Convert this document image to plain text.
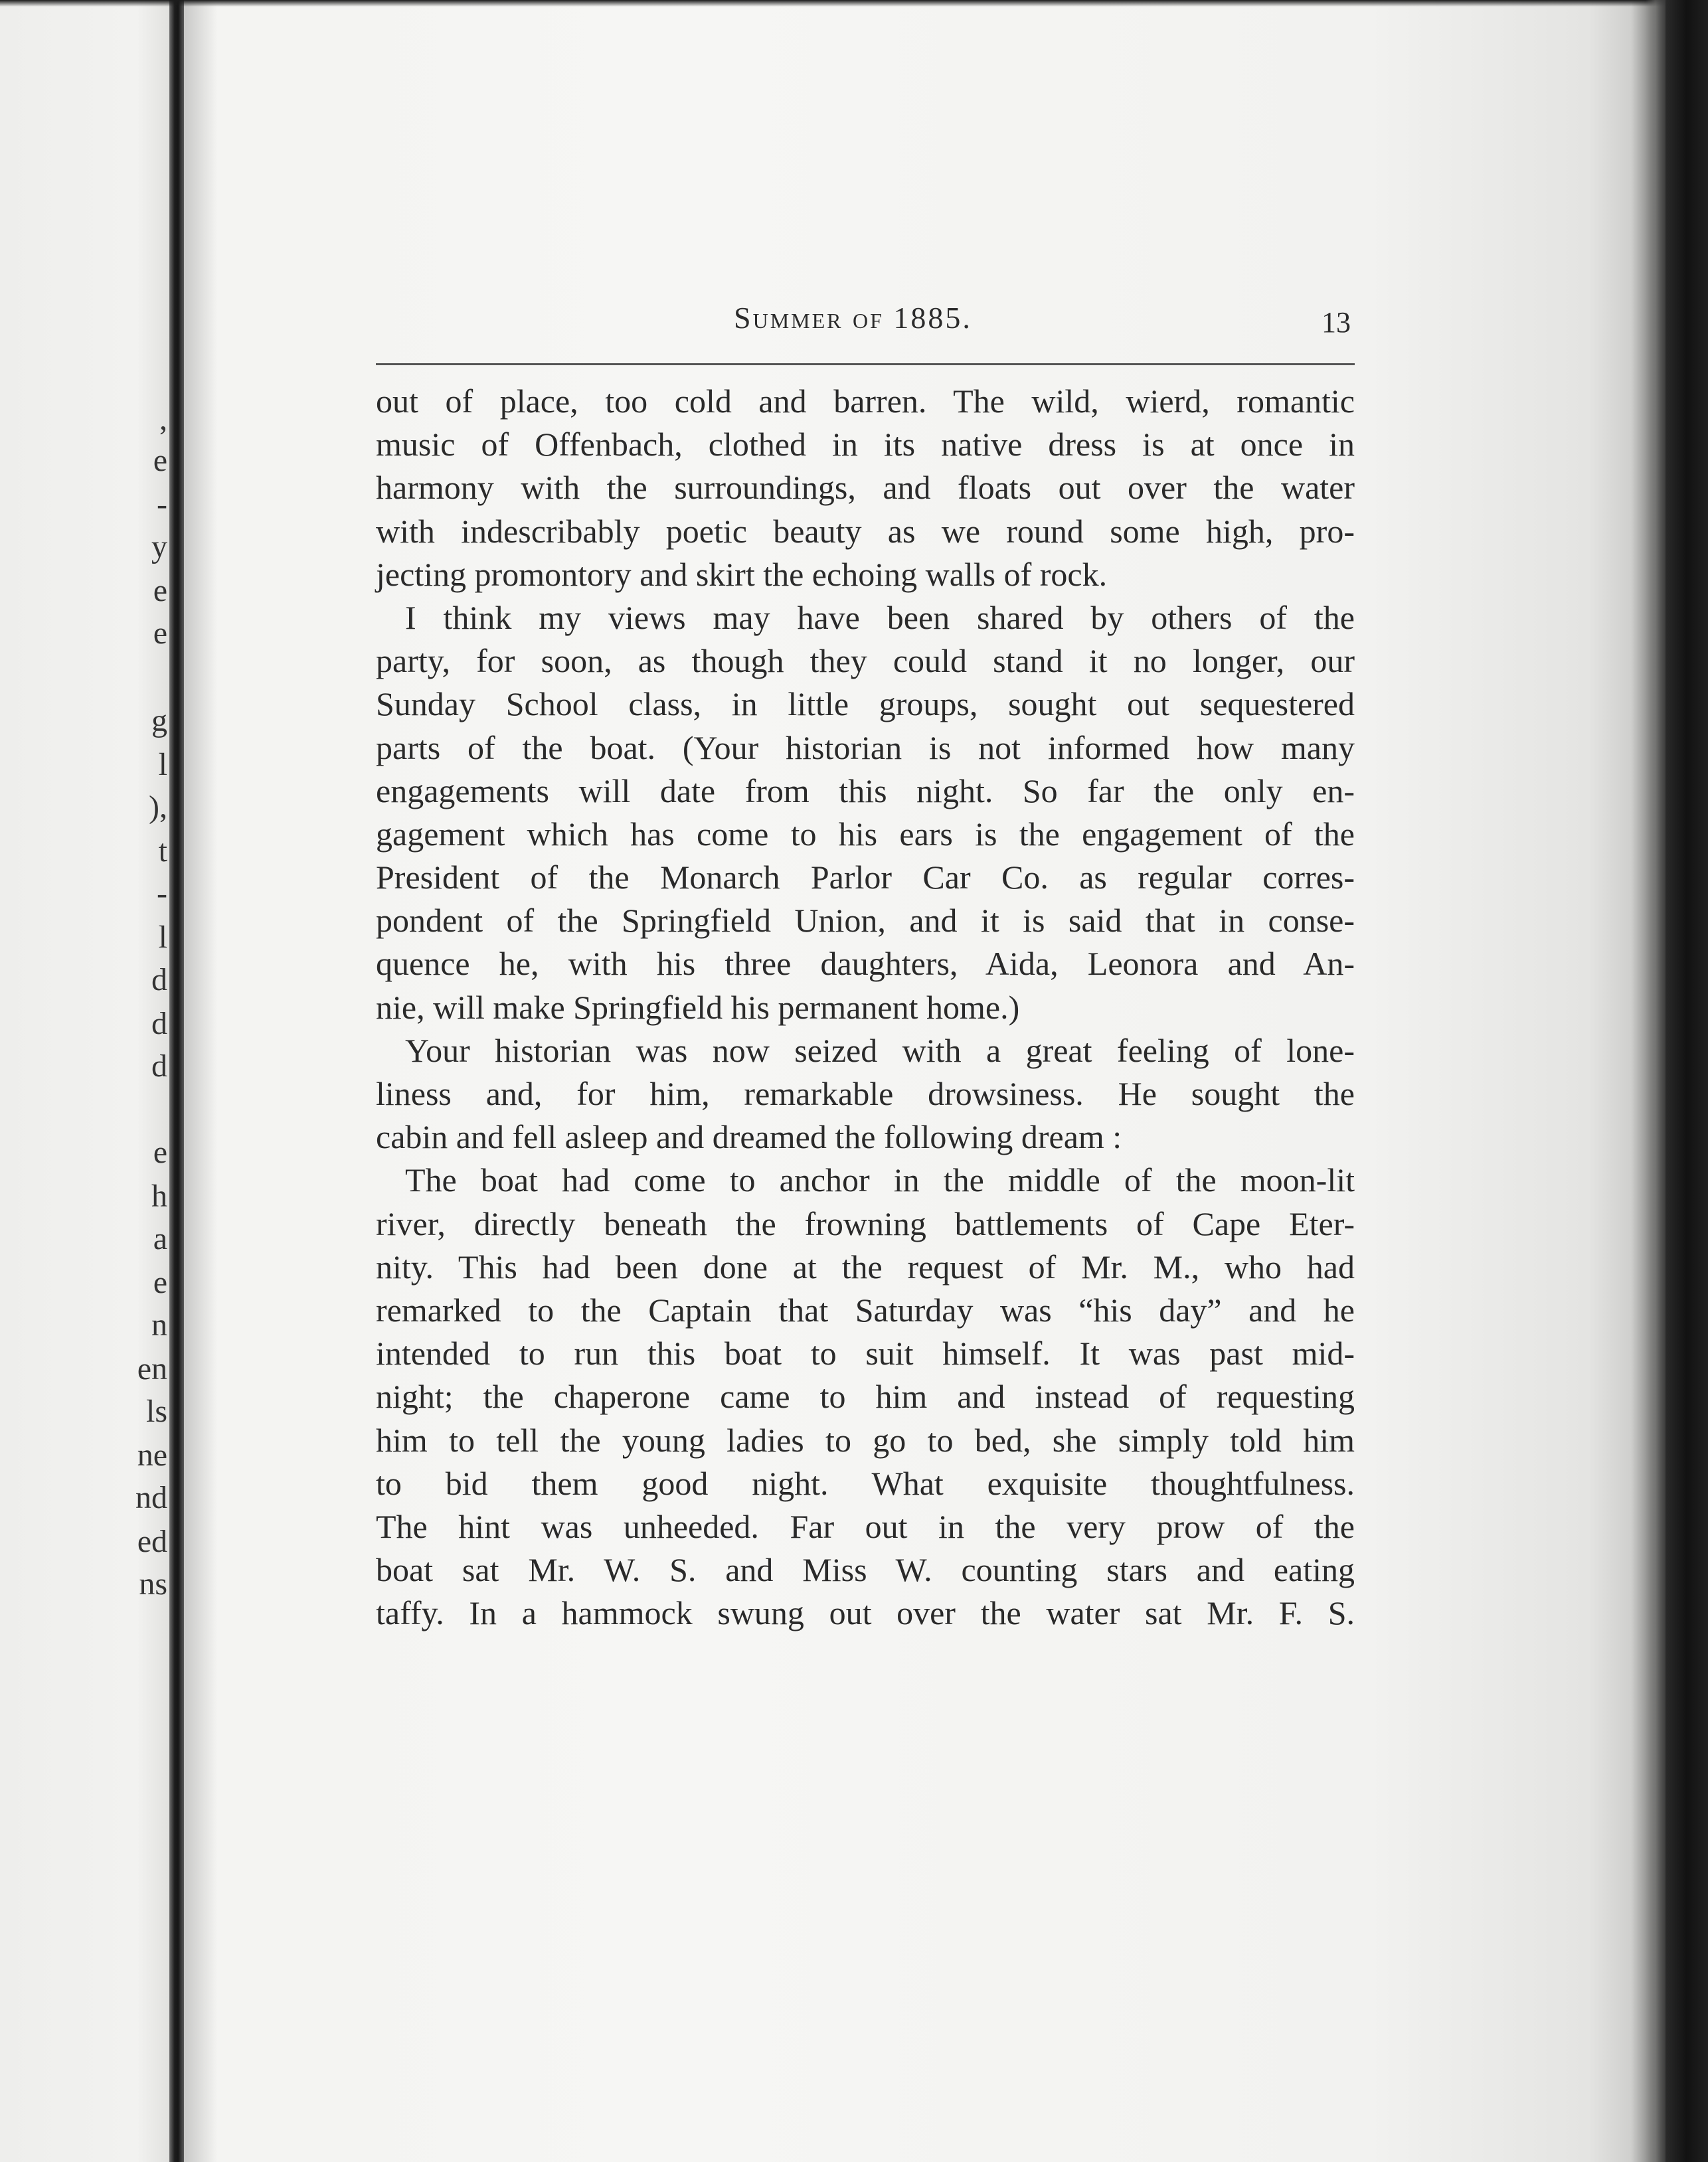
,
e
-
y
e
e
g
l
),
t
-
l
d
d
d
e
h
a
e
n
en
ls
ne
nd
ed
ns
Summer of 1885.	13
out of place, too cold and barren. The wild, wierd, romantic
music of Offenbach, clothed in its native dress is at once in
harmony with the surroundings, and floats out over the water
with indescribably poetic beauty as we round some high, pro-
jecting promontory and skirt the echoing walls of rock.
I think my views may have been shared by others of the
party, for soon, as though they could stand it no longer, our
Sunday School class, in little groups, sought out sequestered
parts of the boat. (Your historian is not informed how many
engagements will date from this night. So far the only en-
gagement which has come to his ears is the engagement of the
President of the Monarch Parlor Car Co. as regular corres-
pondent of the Springfield Union, and it is said that in conse-
quence he, with his three daughters, Aida, Leonora and An-
nie, will make Springfield his permanent home.)
Your historian was now seized with a great feeling of lone-
liness and, for him, remarkable drowsiness. He sought the
cabin and fell asleep and dreamed the following dream :
The boat had come to anchor in the middle of the moon-lit
river, directly beneath the frowning battlements of Cape Eter-
nity. This had been done at the request of Mr. M., who had
remarked to the Captain that Saturday was “his day” and he
intended to run this boat to suit himself. It was past mid-
night; the chaperone came to him and instead of requesting
him to tell the young ladies to go to bed, she simply told him
to bid them good night. What exquisite thoughtfulness.
The hint was unheeded. Far out in the very prow of the
boat sat Mr. W. S. and Miss W. counting stars and eating
taffy. In a hammock swung out over the water sat Mr. F. S.
